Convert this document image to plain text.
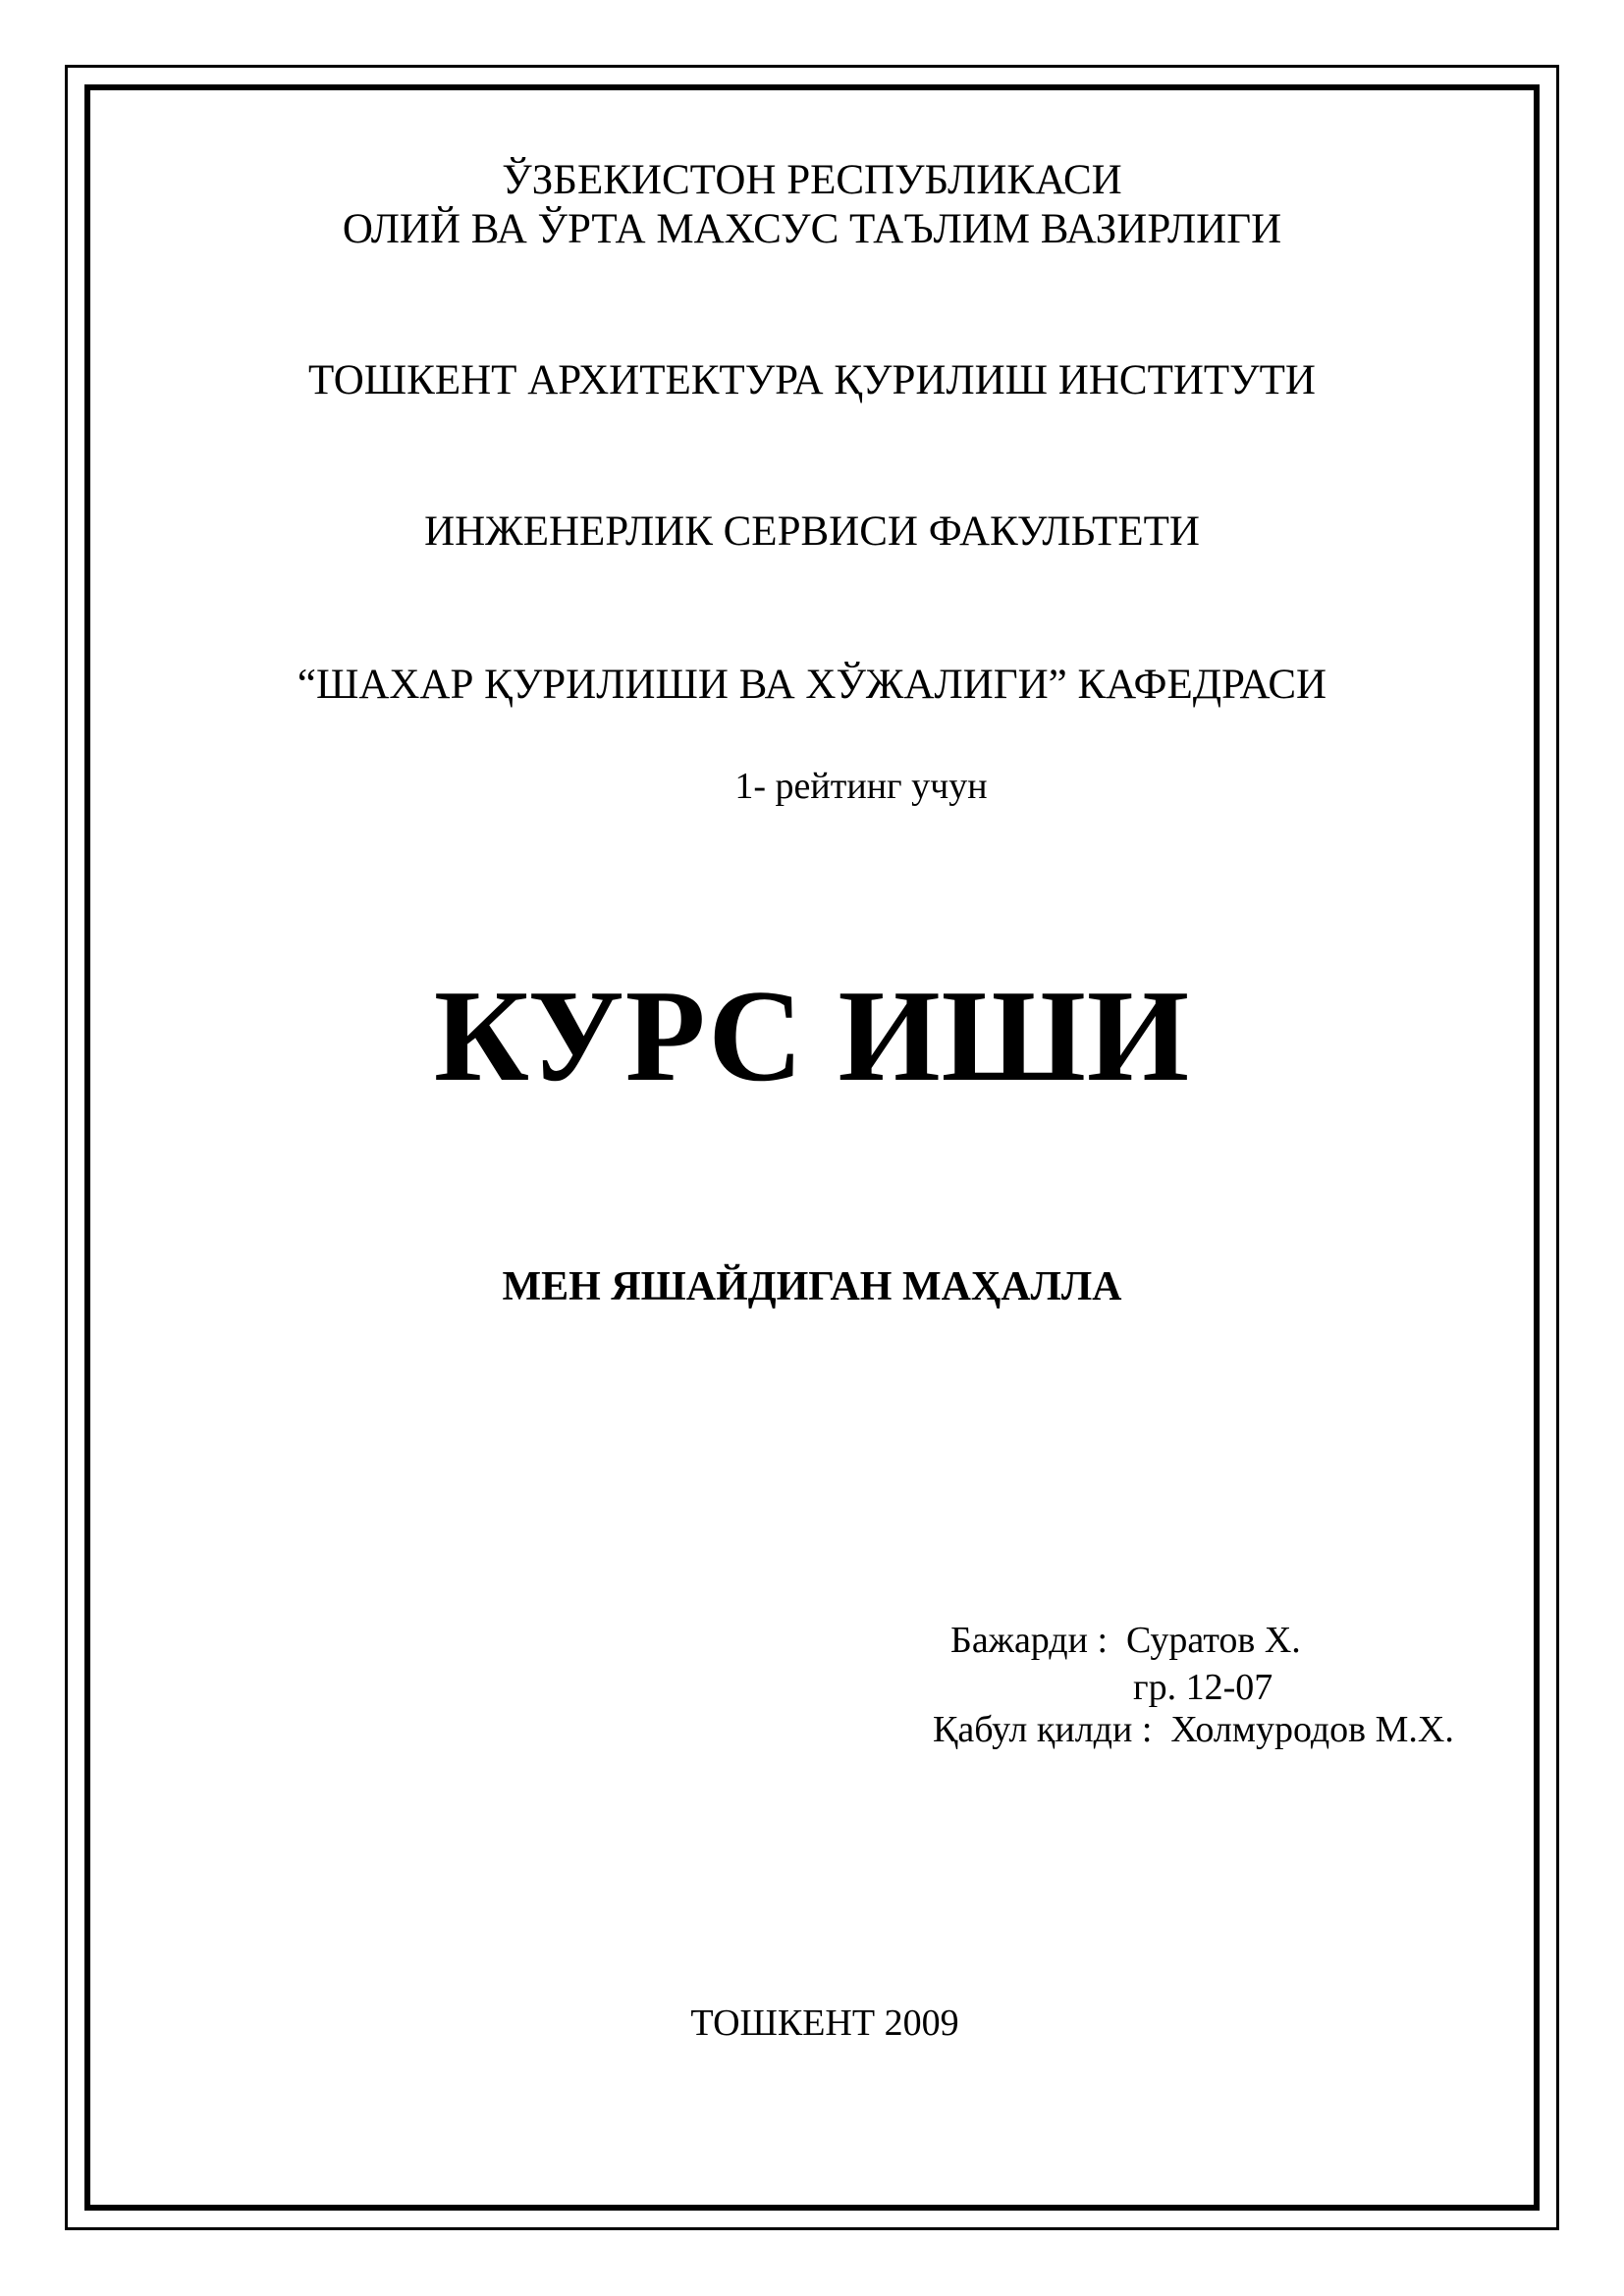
ЎЗБЕКИСТОН РЕСПУБЛИКАСИ

ОЛИЙ ВА ЎРТА МАХСУС ТАЪЛИМ ВАЗИРЛИГИ

ТОШКЕНТ АРХИТЕКТУРА ҚУРИЛИШ ИНСТИТУТИ

ИНЖЕНЕРЛИК СЕРВИСИ ФАКУЛЬТЕТИ

“ШАХАР ҚУРИЛИШИ ВА ХЎЖАЛИГИ” КАФЕДРАСИ

1- рейтинг учун

КУРС ИШИ

МЕН ЯШАЙДИГАН МАҲАЛЛА

Бажарди :  Суратов Х.
гр. 12-07
Қабул қилди :  Холмуродов М.Х.

ТОШКЕНТ 2009
